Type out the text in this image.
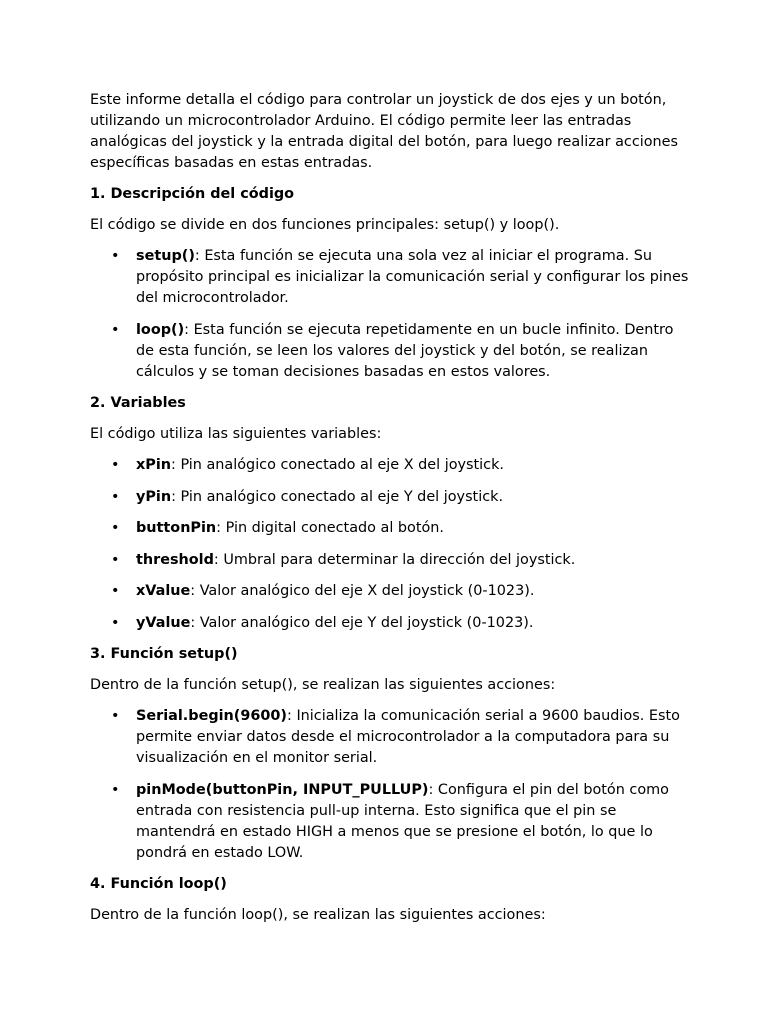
Este informe detalla el código para controlar un joystick de dos ejes y un botón, utilizando un microcontrolador Arduino. El código permite leer las entradas analógicas del joystick y la entrada digital del botón, para luego realizar acciones específicas basadas en estas entradas.

1. Descripción del código

El código se divide en dos funciones principales: setup() y loop().

• setup(): Esta función se ejecuta una sola vez al iniciar el programa. Su propósito principal es inicializar la comunicación serial y configurar los pines del microcontrolador.
• loop(): Esta función se ejecuta repetidamente en un bucle infinito. Dentro de esta función, se leen los valores del joystick y del botón, se realizan cálculos y se toman decisiones basadas en estos valores.

2. Variables

El código utiliza las siguientes variables:

• xPin: Pin analógico conectado al eje X del joystick.
• yPin: Pin analógico conectado al eje Y del joystick.
• buttonPin: Pin digital conectado al botón.
• threshold: Umbral para determinar la dirección del joystick.
• xValue: Valor analógico del eje X del joystick (0-1023).
• yValue: Valor analógico del eje Y del joystick (0-1023).

3. Función setup()

Dentro de la función setup(), se realizan las siguientes acciones:

• Serial.begin(9600): Inicializa la comunicación serial a 9600 baudios. Esto permite enviar datos desde el microcontrolador a la computadora para su visualización en el monitor serial.
• pinMode(buttonPin, INPUT_PULLUP): Configura el pin del botón como entrada con resistencia pull-up interna. Esto significa que el pin se mantendrá en estado HIGH a menos que se presione el botón, lo que lo pondrá en estado LOW.

4. Función loop()

Dentro de la función loop(), se realizan las siguientes acciones:
